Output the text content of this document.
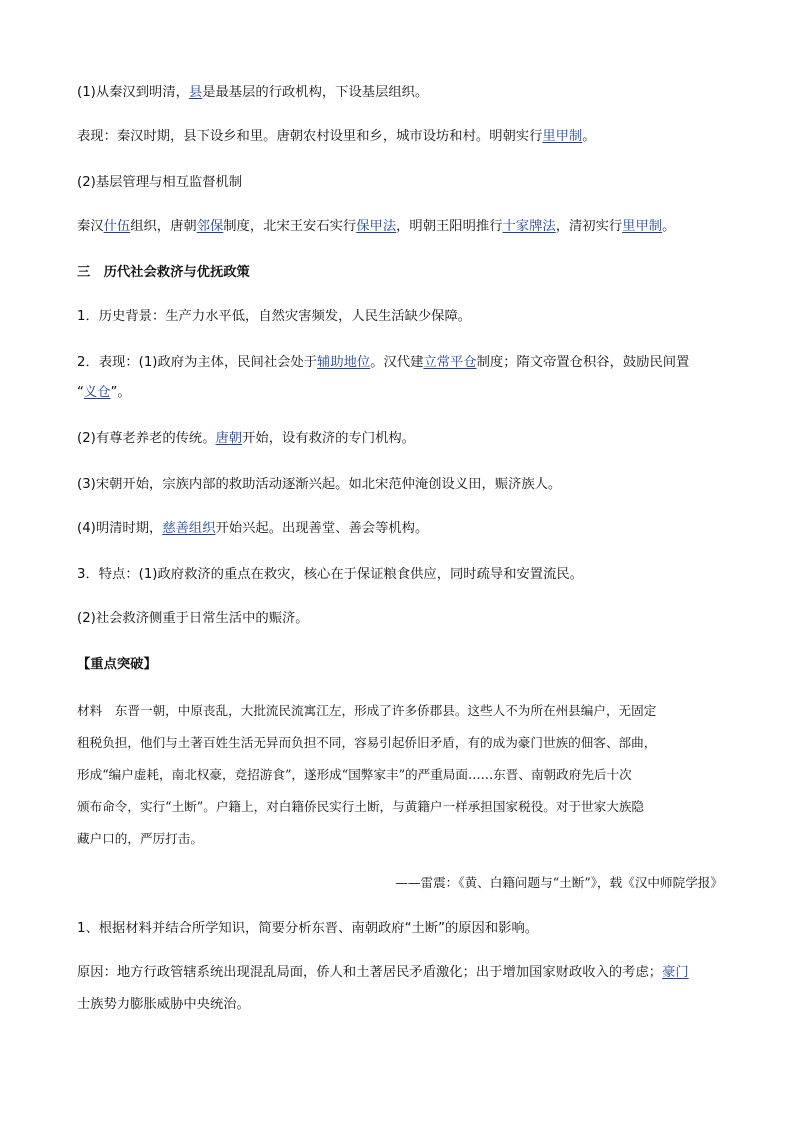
(1)从秦汉到明清，县是最基层的行政机构，下设基层组织。

表现：秦汉时期，县下设乡和里。唐朝农村设里和乡，城市设坊和村。明朝实行里甲制。

(2)基层管理与相互监督机制

秦汉什伍组织，唐朝邻保制度，北宋王安石实行保甲法，明朝王阳明推行十家牌法，清初实行里甲制。

三　历代社会救济与优抚政策

1．历史背景：生产力水平低，自然灾害频发，人民生活缺少保障。

2．表现：(1)政府为主体，民间社会处于辅助地位。汉代建立常平仓制度；隋文帝置仓积谷，鼓励民间置

“义仓”。

(2)有尊老养老的传统。唐朝开始，设有救济的专门机构。

(3)宋朝开始，宗族内部的救助活动逐渐兴起。如北宋范仲淹创设义田，赈济族人。

(4)明清时期，慈善组织开始兴起。出现善堂、善会等机构。

3．特点：(1)政府救济的重点在救灾，核心在于保证粮食供应，同时疏导和安置流民。

(2)社会救济侧重于日常生活中的赈济。

【重点突破】

材料　东晋一朝，中原丧乱，大批流民流寓江左，形成了许多侨郡县。这些人不为所在州县编户，无固定

租税负担，他们与土著百姓生活无异而负担不同，容易引起侨旧矛盾，有的成为豪门世族的佃客、部曲，

形成“编户虚耗，南北权豪，竞招游食”，遂形成“国弊家丰”的严重局面……东晋、南朝政府先后十次

颁布命令，实行“土断”。户籍上，对白籍侨民实行土断，与黄籍户一样承担国家税役。对于世家大族隐

藏户口的，严厉打击。

——雷震：《黄、白籍问题与“土断”》，载《汉中师院学报》

1、根据材料并结合所学知识，简要分析东晋、南朝政府“土断”的原因和影响。

原因：地方行政管辖系统出现混乱局面，侨人和土著居民矛盾激化；出于增加国家财政收入的考虑；豪门

士族势力膨胀威胁中央统治。
